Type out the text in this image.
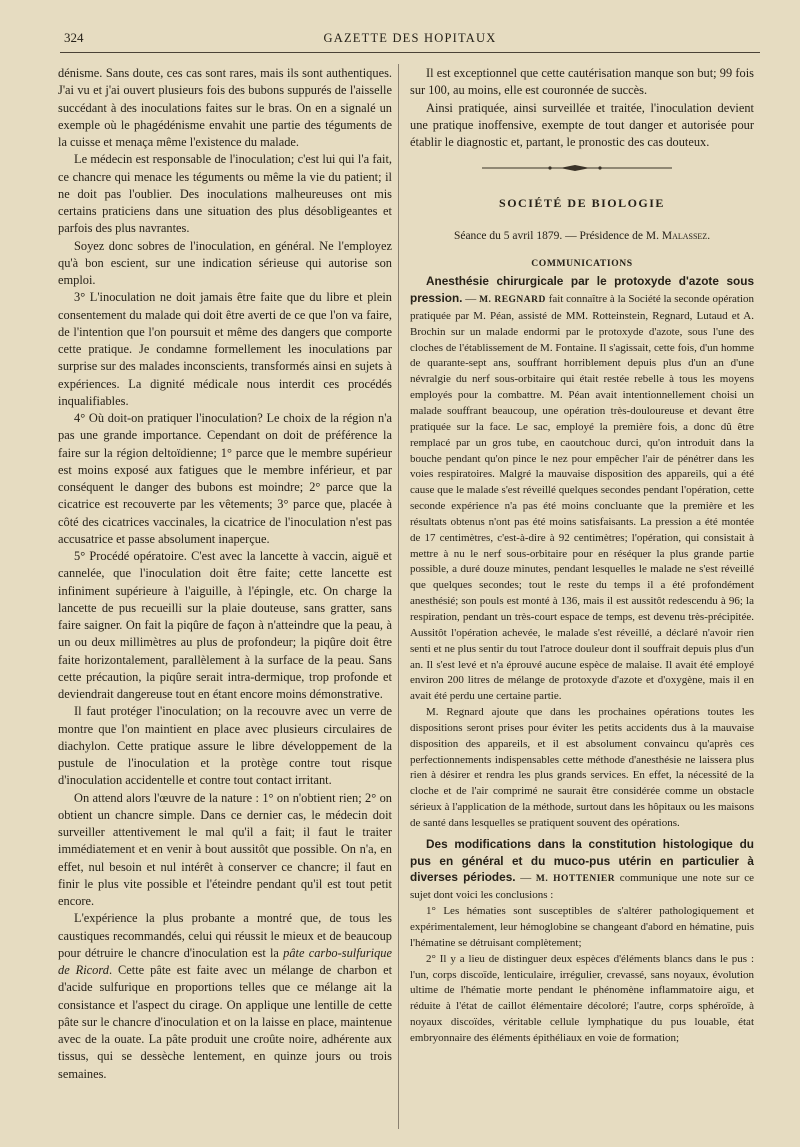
324	GAZETTE DES HOPITAUX

dénisme. Sans doute, ces cas sont rares, mais ils sont authentiques. J'ai vu et j'ai ouvert plusieurs fois des bubons suppurés de l'aisselle succédant à des inoculations faites sur le bras. On en a signalé un exemple où le phagédénisme envahit une partie des téguments de la cuisse et menaça même l'existence du malade.

Le médecin est responsable de l'inoculation; c'est lui qui l'a fait, ce chancre qui menace les téguments ou même la vie du patient; il ne doit pas l'oublier. Des inoculations malheureuses ont mis certains praticiens dans une situation des plus désobligeantes et parfois des plus navrantes.

Soyez donc sobres de l'inoculation, en général. Ne l'employez qu'à bon escient, sur une indication sérieuse qui autorise son emploi.

3° L'inoculation ne doit jamais être faite que du libre et plein consentement du malade qui doit être averti de ce que l'on va faire, de l'intention que l'on poursuit et même des dangers que comporte cette pratique. Je condamne formellement les inoculations par surprise sur des malades inconscients, transformés ainsi en sujets à expériences. La dignité médicale nous interdit ces procédés inqualifiables.

4° Où doit-on pratiquer l'inoculation? Le choix de la région n'a pas une grande importance. Cependant on doit de préférence la faire sur la région deltoïdienne; 1° parce que le membre supérieur est moins exposé aux fatigues que le membre inférieur, et par conséquent le danger des bubons est moindre; 2° parce que la cicatrice est recouverte par les vêtements; 3° parce que, placée à côté des cicatrices vaccinales, la cicatrice de l'inoculation n'est pas accusatrice et passe absolument inaperçue.

5° Procédé opératoire. C'est avec la lancette à vaccin, aiguë et cannelée, que l'inoculation doit être faite; cette lancette est infiniment supérieure à l'aiguille, à l'épingle, etc. On charge la lancette de pus recueilli sur la plaie douteuse, sans gratter, sans faire saigner. On fait la piqûre de façon à n'atteindre que la peau, à un ou deux millimètres au plus de profondeur; la piqûre doit être faite horizontalement, parallèlement à la surface de la peau. Sans cette précaution, la piqûre serait intra-dermique, trop profonde et deviendrait dangereuse tout en étant encore moins démonstrative.

Il faut protéger l'inoculation; on la recouvre avec un verre de montre que l'on maintient en place avec plusieurs circulaires de diachylon. Cette pratique assure le libre développement de la pustule de l'inoculation et la protège contre tout risque d'inoculation accidentelle et contre tout contact irritant.

On attend alors l'œuvre de la nature : 1° on n'obtient rien; 2° on obtient un chancre simple. Dans ce dernier cas, le médecin doit surveiller attentivement le mal qu'il a fait; il faut le traiter immédiatement et en venir à bout aussitôt que possible. On n'a, en effet, nul besoin et nul intérêt à conserver ce chancre; il faut en finir le plus vite possible et l'éteindre pendant qu'il est tout petit encore.

L'expérience la plus probante a montré que, de tous les caustiques recommandés, celui qui réussit le mieux et de beaucoup pour détruire le chancre d'inoculation est la pâte carbo-sulfurique de Ricord. Cette pâte est faite avec un mélange de charbon et d'acide sulfurique en proportions telles que ce mélange ait la consistance et l'aspect du cirage. On applique une lentille de cette pâte sur le chancre d'inoculation et on la laisse en place, maintenue avec de la ouate. La pâte produit une croûte noire, adhérente aux tissus, qui se dessèche lentement, en quinze jours ou trois semaines.

Il est exceptionnel que cette cautérisation manque son but; 99 fois sur 100, au moins, elle est couronnée de succès.

Ainsi pratiquée, ainsi surveillée et traitée, l'inoculation devient une pratique inoffensive, exempte de tout danger et autorisée pour établir le diagnostic et, partant, le pronostic des cas douteux.

SOCIÉTÉ DE BIOLOGIE
Séance du 5 avril 1879. — Présidence de M. Malassez.
COMMUNICATIONS

Anesthésie chirurgicale par le protoxyde d'azote sous pression. — M. REGNARD fait connaître à la Société la seconde opération pratiquée par M. Péan, assisté de MM. Rotteinstein, Regnard, Lutaud et A. Brochin sur un malade endormi par le protoxyde d'azote, sous l'une des cloches de l'établissement de M. Fontaine. Il s'agissait, cette fois, d'un homme de quarante-sept ans, souffrant horriblement depuis plus d'un an d'une névralgie du nerf sous-orbitaire qui était restée rebelle à tous les moyens employés pour la combattre. M. Péan avait intentionnellement choisi un malade souffrant beaucoup, une opération très-douloureuse et devant être pratiquée sur la face. Le sac, employé la première fois, a donc dû être remplacé par un gros tube, en caoutchouc durci, qu'on introduit dans la bouche pendant qu'on pince le nez pour empêcher l'air de pénétrer dans les voies respiratoires. Malgré la mauvaise disposition des appareils, qui a été cause que le malade s'est réveillé quelques secondes pendant l'opération, cette seconde expérience n'a pas été moins concluante que la première et les résultats obtenus n'ont pas été moins satisfaisants. La pression a été montée de 17 centimètres, c'est-à-dire à 92 centimètres; l'opération, qui consistait à mettre à nu le nerf sous-orbitaire pour en réséquer la plus grande partie possible, a duré douze minutes, pendant lesquelles le malade ne s'est réveillé que quelques secondes; tout le reste du temps il a été profondément anesthésié; son pouls est monté à 136, mais il est aussitôt redescendu à 96; la respiration, pendant un très-court espace de temps, est devenu très-précipitée. Aussitôt l'opération achevée, le malade s'est réveillé, a déclaré n'avoir rien senti et ne plus sentir du tout l'atroce douleur dont il souffrait depuis plus d'un an. Il s'est levé et n'a éprouvé aucune espèce de malaise. Il avait été employé environ 200 litres de mélange de protoxyde d'azote et d'oxygène, mais il en avait été perdu une certaine partie.

M. Regnard ajoute que dans les prochaines opérations toutes les dispositions seront prises pour éviter les petits accidents dus à la mauvaise disposition des appareils, et il est absolument convaincu qu'après ces perfectionnements indispensables cette méthode d'anesthésie ne laissera plus rien à désirer et rendra les plus grands services. En effet, la nécessité de la cloche et de l'air comprimé ne saurait être considérée comme un obstacle sérieux à l'application de la méthode, surtout dans les hôpitaux ou les maisons de santé dans lesquelles se pratiquent souvent des opérations.

Des modifications dans la constitution histologique du pus en général et du muco-pus utérin en particulier à diverses périodes. — M. HOTTENIER communique une note sur ce sujet dont voici les conclusions :

1° Les hématies sont susceptibles de s'altérer pathologiquement et expérimentalement, leur hémoglobine se changeant d'abord en hématine, puis l'hématine se détruisant complètement;

2° Il y a lieu de distinguer deux espèces d'éléments blancs dans le pus : l'un, corps discoïde, lenticulaire, irrégulier, crevassé, sans noyaux, évolution ultime de l'hématie morte pendant le phénomène inflammatoire aigu, et réduite à l'état de caillot élémentaire décoloré; l'autre, corps sphéroïde, à noyaux discoïdes, véritable cellule lymphatique du pus louable, état embryonnaire des éléments épithéliaux en voie de formation;
